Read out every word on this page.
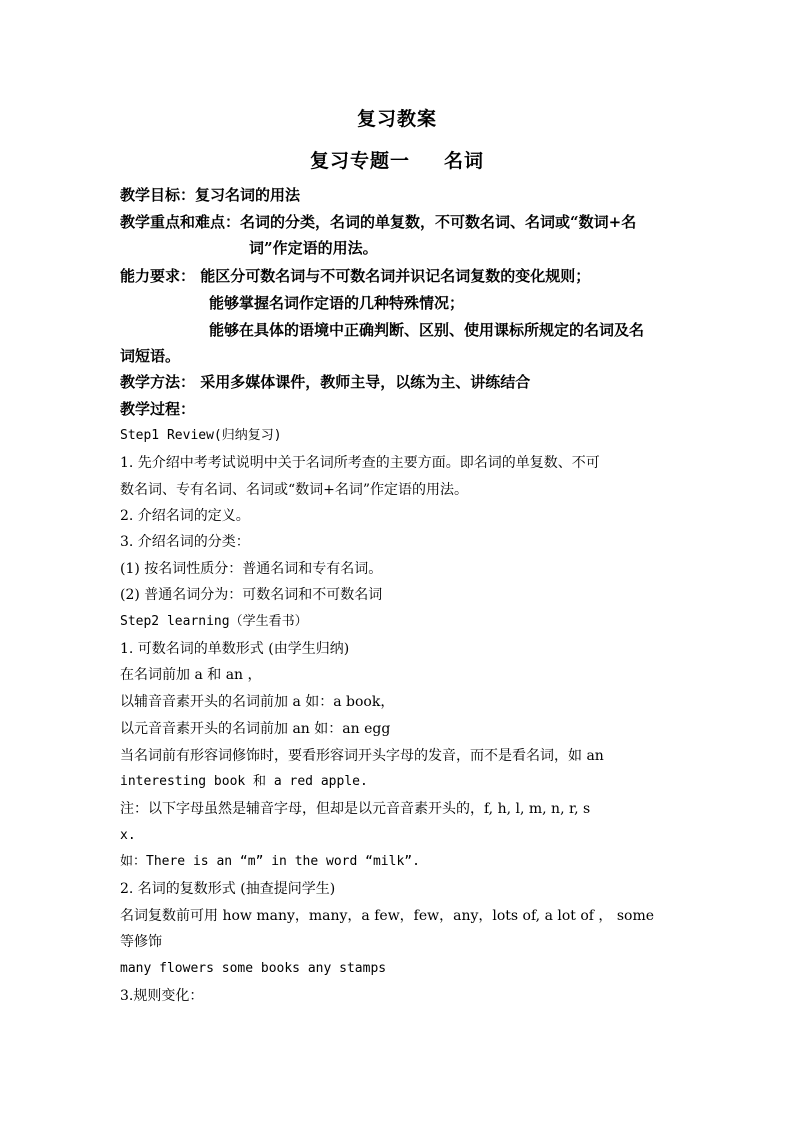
复习教案
复习专题一 名词
教学目标：复习名词的用法
教学重点和难点：名词的分类，名词的单复数，不可数名词、名词或“数词+名
词”作定语的用法。
能力要求： 能区分可数名词与不可数名词并识记名词复数的变化规则；
能够掌握名词作定语的几种特殊情况；
能够在具体的语境中正确判断、区别、使用课标所规定的名词及名
词短语。
教学方法： 采用多媒体课件，教师主导，以练为主、讲练结合
教学过程：
Step1 Review(归纳复习)
1. 先介绍中考考试说明中关于名词所考查的主要方面。即名词的单复数、不可
数名词、专有名词、名词或“数词+名词”作定语的用法。
2. 介绍名词的定义。
3. 介绍名词的分类：
(1) 按名词性质分：普通名词和专有名词。
(2) 普通名词分为：可数名词和不可数名词
Step2 learning（学生看书）
1. 可数名词的单数形式 (由学生归纳)
在名词前加 a 和 an ，
以辅音音素开头的名词前加 a 如：a book，
以元音音素开头的名词前加 an 如：an egg
当名词前有形容词修饰时，要看形容词开头字母的发音，而不是看名词，如 an
interesting book 和 a red apple.
注：以下字母虽然是辅音字母，但却是以元音音素开头的，f, h, l, m, n, r, s
x.
如：There is an “m” in the word “milk”.
2. 名词的复数形式 (抽查提问学生)
名词复数前可用 how many，many，a few，few，any，lots of, a lot of ， some
等修饰
many flowers some books any stamps
3.规则变化：
